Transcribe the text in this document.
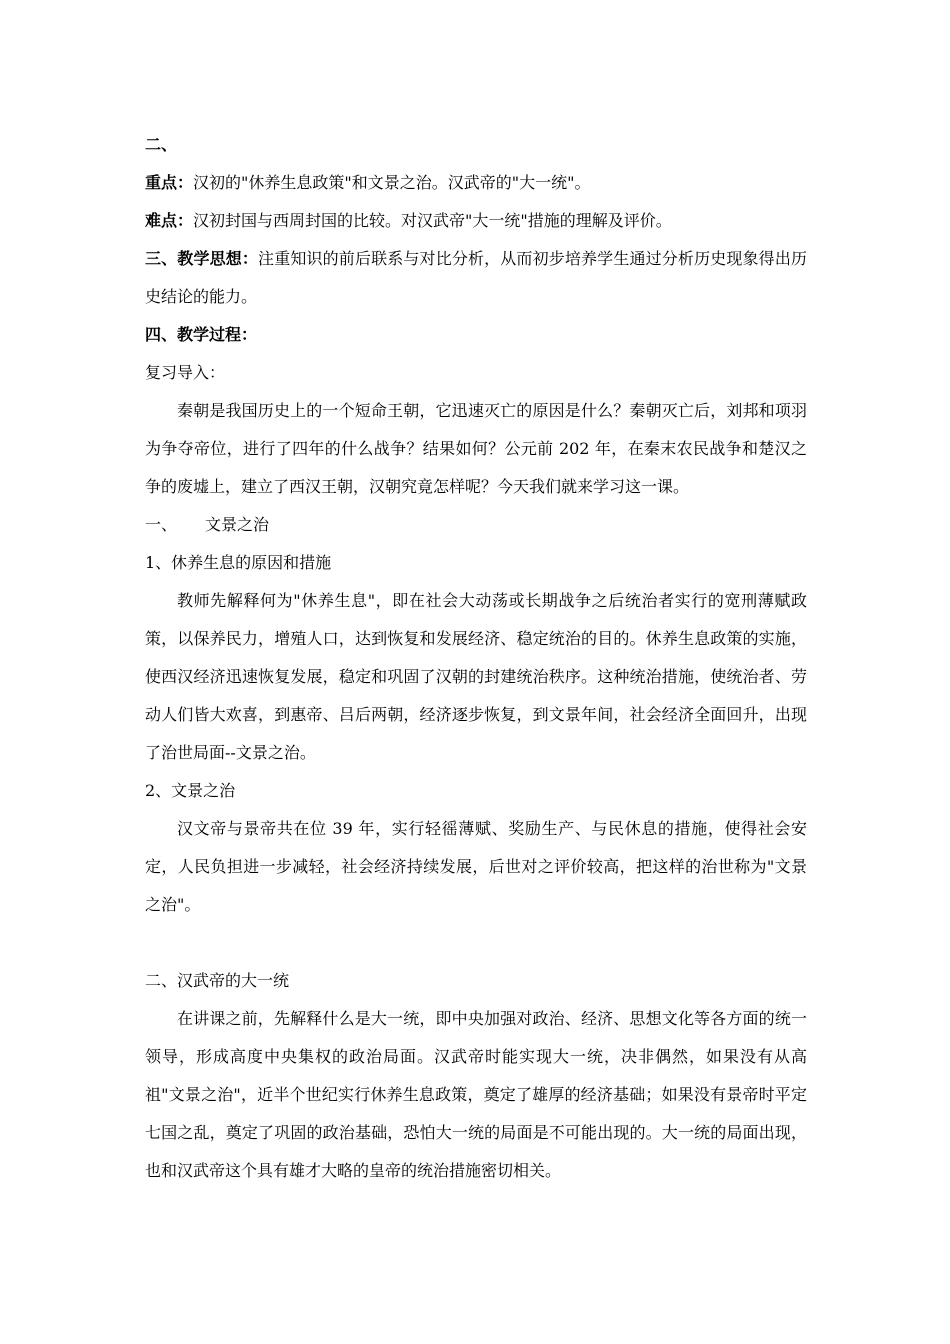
二、

重点：汉初的"休养生息政策"和文景之治。汉武帝的"大一统"。

难点：汉初封国与西周封国的比较。对汉武帝"大一统"措施的理解及评价。

三、教学思想：注重知识的前后联系与对比分析，从而初步培养学生通过分析历史现象得出历史结论的能力。

四、教学过程：

复习导入：

秦朝是我国历史上的一个短命王朝，它迅速灭亡的原因是什么？秦朝灭亡后，刘邦和项羽为争夺帝位，进行了四年的什么战争？结果如何？公元前 202 年，在秦末农民战争和楚汉之争的废墟上，建立了西汉王朝，汉朝究竟怎样呢？今天我们就来学习这一课。

一、 文景之治

1、休养生息的原因和措施

教师先解释何为"休养生息"，即在社会大动荡或长期战争之后统治者实行的宽刑薄赋政策，以保养民力，增殖人口，达到恢复和发展经济、稳定统治的目的。休养生息政策的实施，使西汉经济迅速恢复发展，稳定和巩固了汉朝的封建统治秩序。这种统治措施，使统治者、劳动人们皆大欢喜，到惠帝、吕后两朝，经济逐步恢复，到文景年间，社会经济全面回升，出现了治世局面--文景之治。

2、文景之治

汉文帝与景帝共在位 39 年，实行轻徭薄赋、奖励生产、与民休息的措施，使得社会安定，人民负担进一步减轻，社会经济持续发展，后世对之评价较高，把这样的治世称为"文景之治"。

二、汉武帝的大一统

在讲课之前，先解释什么是大一统，即中央加强对政治、经济、思想文化等各方面的统一领导，形成高度中央集权的政治局面。汉武帝时能实现大一统，决非偶然，如果没有从高祖"文景之治"，近半个世纪实行休养生息政策，奠定了雄厚的经济基础；如果没有景帝时平定七国之乱，奠定了巩固的政治基础，恐怕大一统的局面是不可能出现的。大一统的局面出现，也和汉武帝这个具有雄才大略的皇帝的统治措施密切相关。
